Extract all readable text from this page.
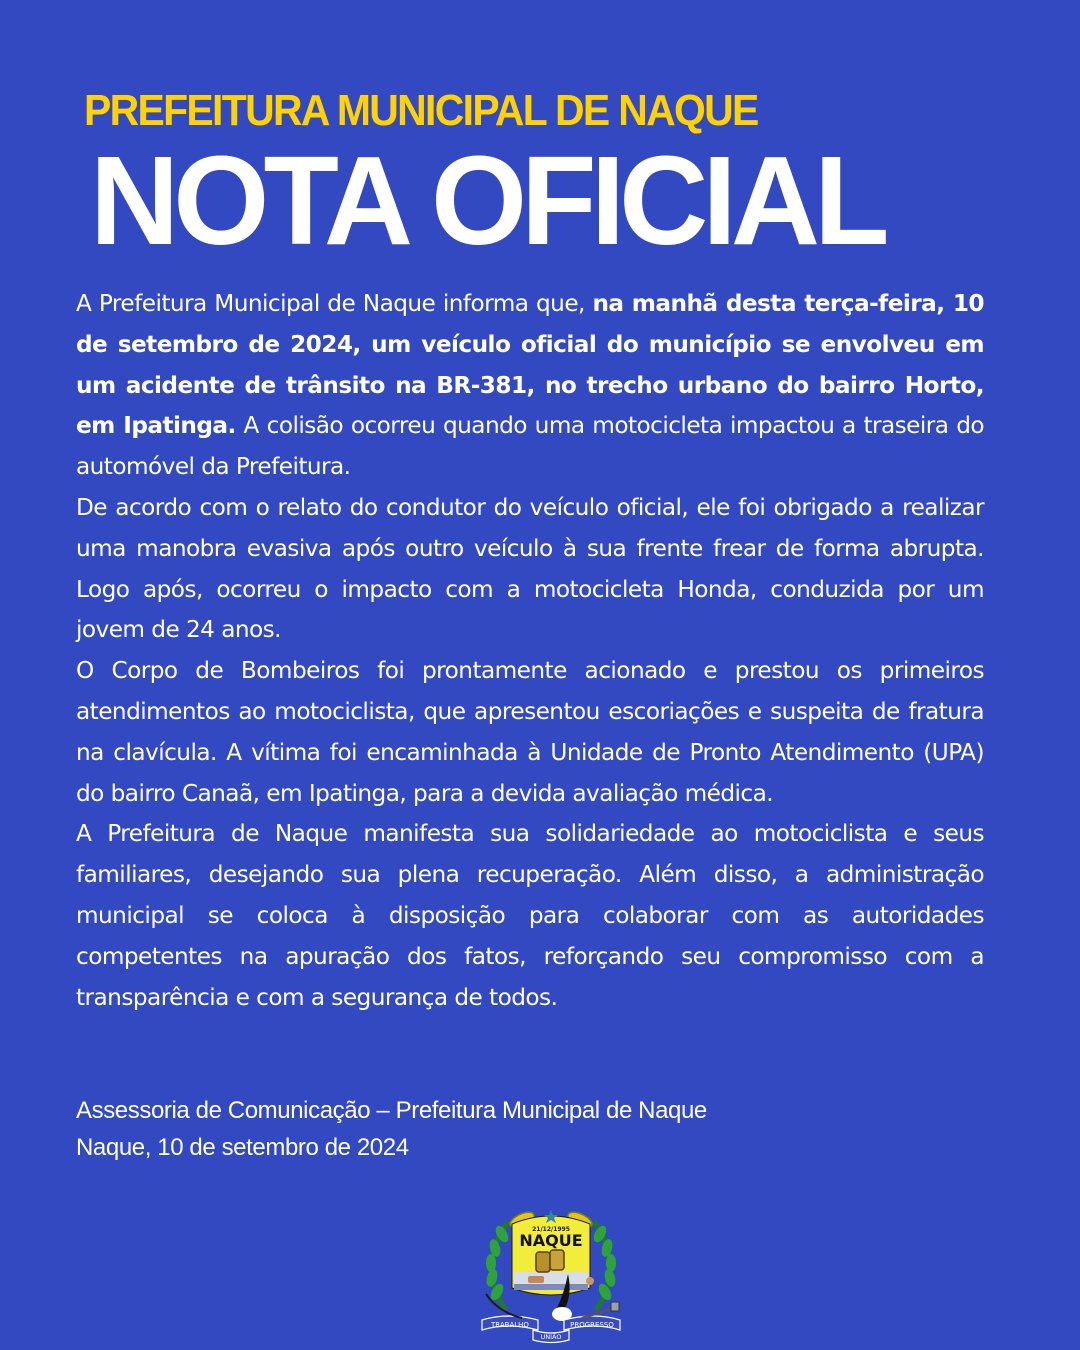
PREFEITURA MUNICIPAL DE NAQUE
NOTA OFICIAL

A Prefeitura Municipal de Naque informa que, na manhã desta terça-feira, 10 de setembro de 2024, um veículo oficial do município se envolveu em um acidente de trânsito na BR-381, no trecho urbano do bairro Horto, em Ipatinga. A colisão ocorreu quando uma motocicleta impactou a traseira do automóvel da Prefeitura.

De acordo com o relato do condutor do veículo oficial, ele foi obrigado a realizar uma manobra evasiva após outro veículo à sua frente frear de forma abrupta. Logo após, ocorreu o impacto com a motocicleta Honda, conduzida por um jovem de 24 anos.

O Corpo de Bombeiros foi prontamente acionado e prestou os primeiros atendimentos ao motociclista, que apresentou escoriações e suspeita de fratura na clavícula. A vítima foi encaminhada à Unidade de Pronto Atendimento (UPA) do bairro Canaã, em Ipatinga, para a devida avaliação médica.

A Prefeitura de Naque manifesta sua solidariedade ao motociclista e seus familiares, desejando sua plena recuperação. Além disso, a administração municipal se coloca à disposição para colaborar com as autoridades competentes na apuração dos fatos, reforçando seu compromisso com a transparência e com a segurança de todos.

Assessoria de Comunicação – Prefeitura Municipal de Naque
Naque, 10 de setembro de 2024
21/12/1995
NAQUE
TRABALHO	PROGRESSO
UNIÃO
